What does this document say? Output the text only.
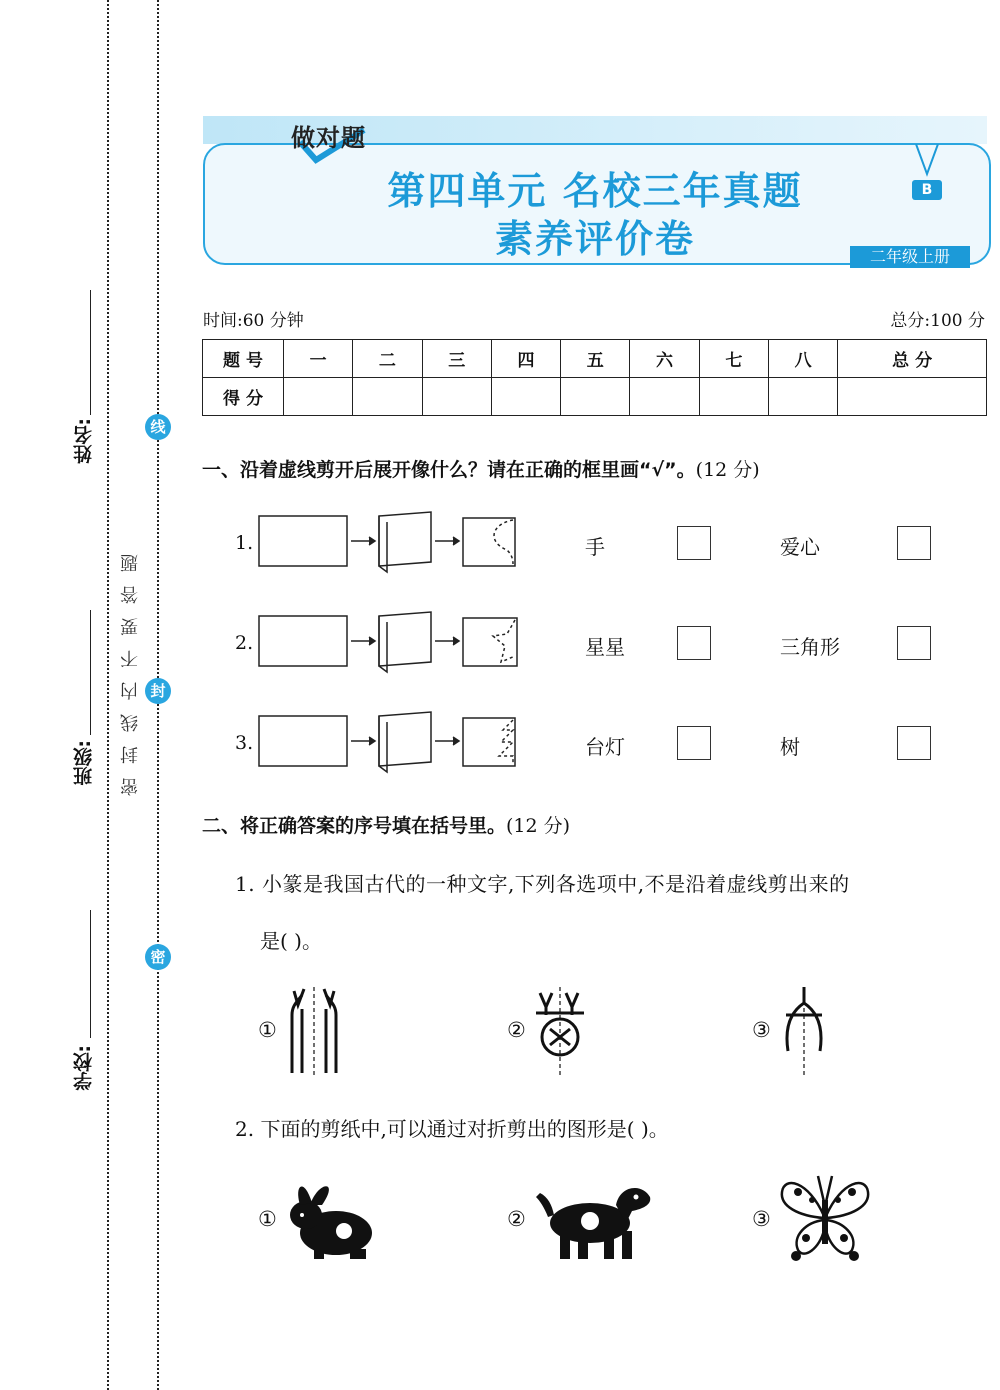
姓名:
班级:
学校:
密封线内不要答题
线
封
密
做对题
第四单元 名校三年真题
素养评价卷
B
二年级上册
时间:60 分钟	总分:100 分
题 号	一	二	三	四	五	六	七	八	总 分
得 分									
一、沿着虚线剪开后展开像什么？请在正确的框里画“√”。(12 分)
1.
2.
3.
手	爱心
星星	三角形
台灯	树
二、将正确答案的序号填在括号里。(12 分)
1. 小篆是我国古代的一种文字,下列各选项中,不是沿着虚线剪出来的
是( )。
①	②	③
2. 下面的剪纸中,可以通过对折剪出的图形是( )。
①	②	③
